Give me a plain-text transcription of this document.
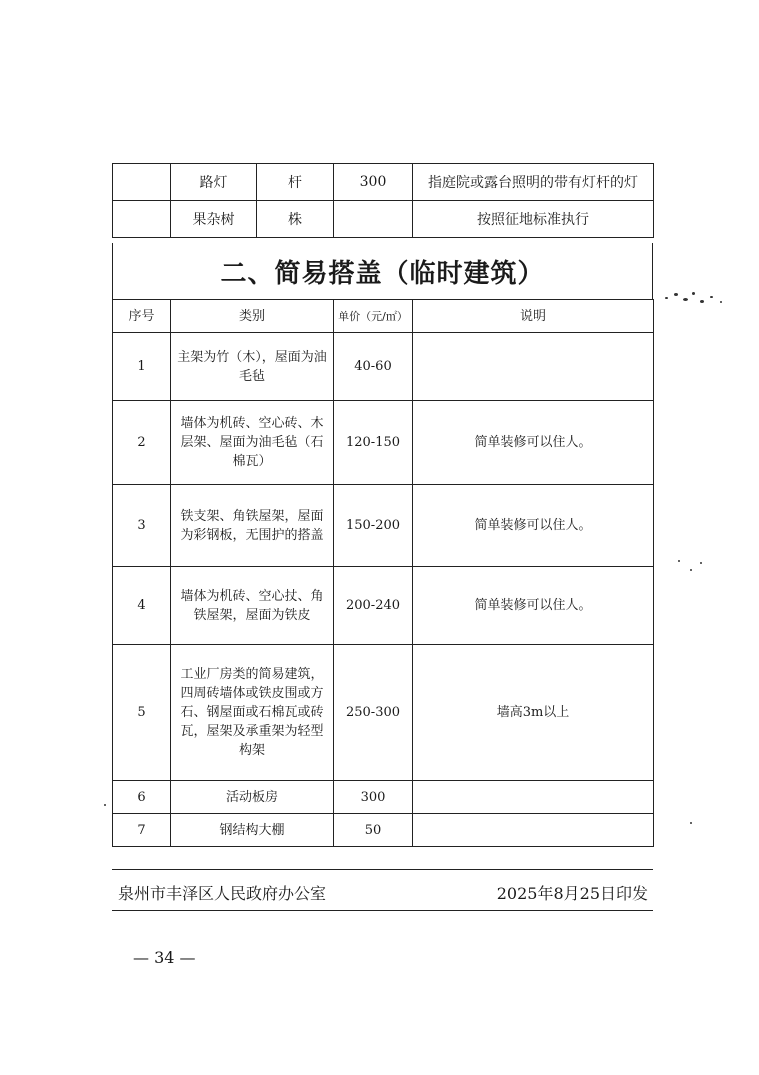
	路灯	杆	300	指庭院或露台照明的带有灯杆的灯
	果杂树	株		按照征地标准执行
二、简易搭盖（临时建筑）
序号	类别	单价（元/㎡）	说明
1	主架为竹（木），屋面为油毛毡	40-60	
2	墙体为机砖、空心砖、木层架、屋面为油毛毡（石棉瓦）	120-150	简单装修可以住人。
3	铁支架、角铁屋架，屋面为彩钢板，无围护的搭盖	150-200	简单装修可以住人。
4	墙体为机砖、空心扙、角铁屋架，屋面为铁皮	200-240	简单装修可以住人。
5	工业厂房类的简易建筑，四周砖墙体或铁皮围或方石、钢屋面或石棉瓦或砖瓦，屋架及承重架为轻型构架	250-300	墙高3m以上
6	活动板房	300	
7	钢结构大棚	50	
泉州市丰泽区人民政府办公室	2025年8月25日印发
— 34 —
